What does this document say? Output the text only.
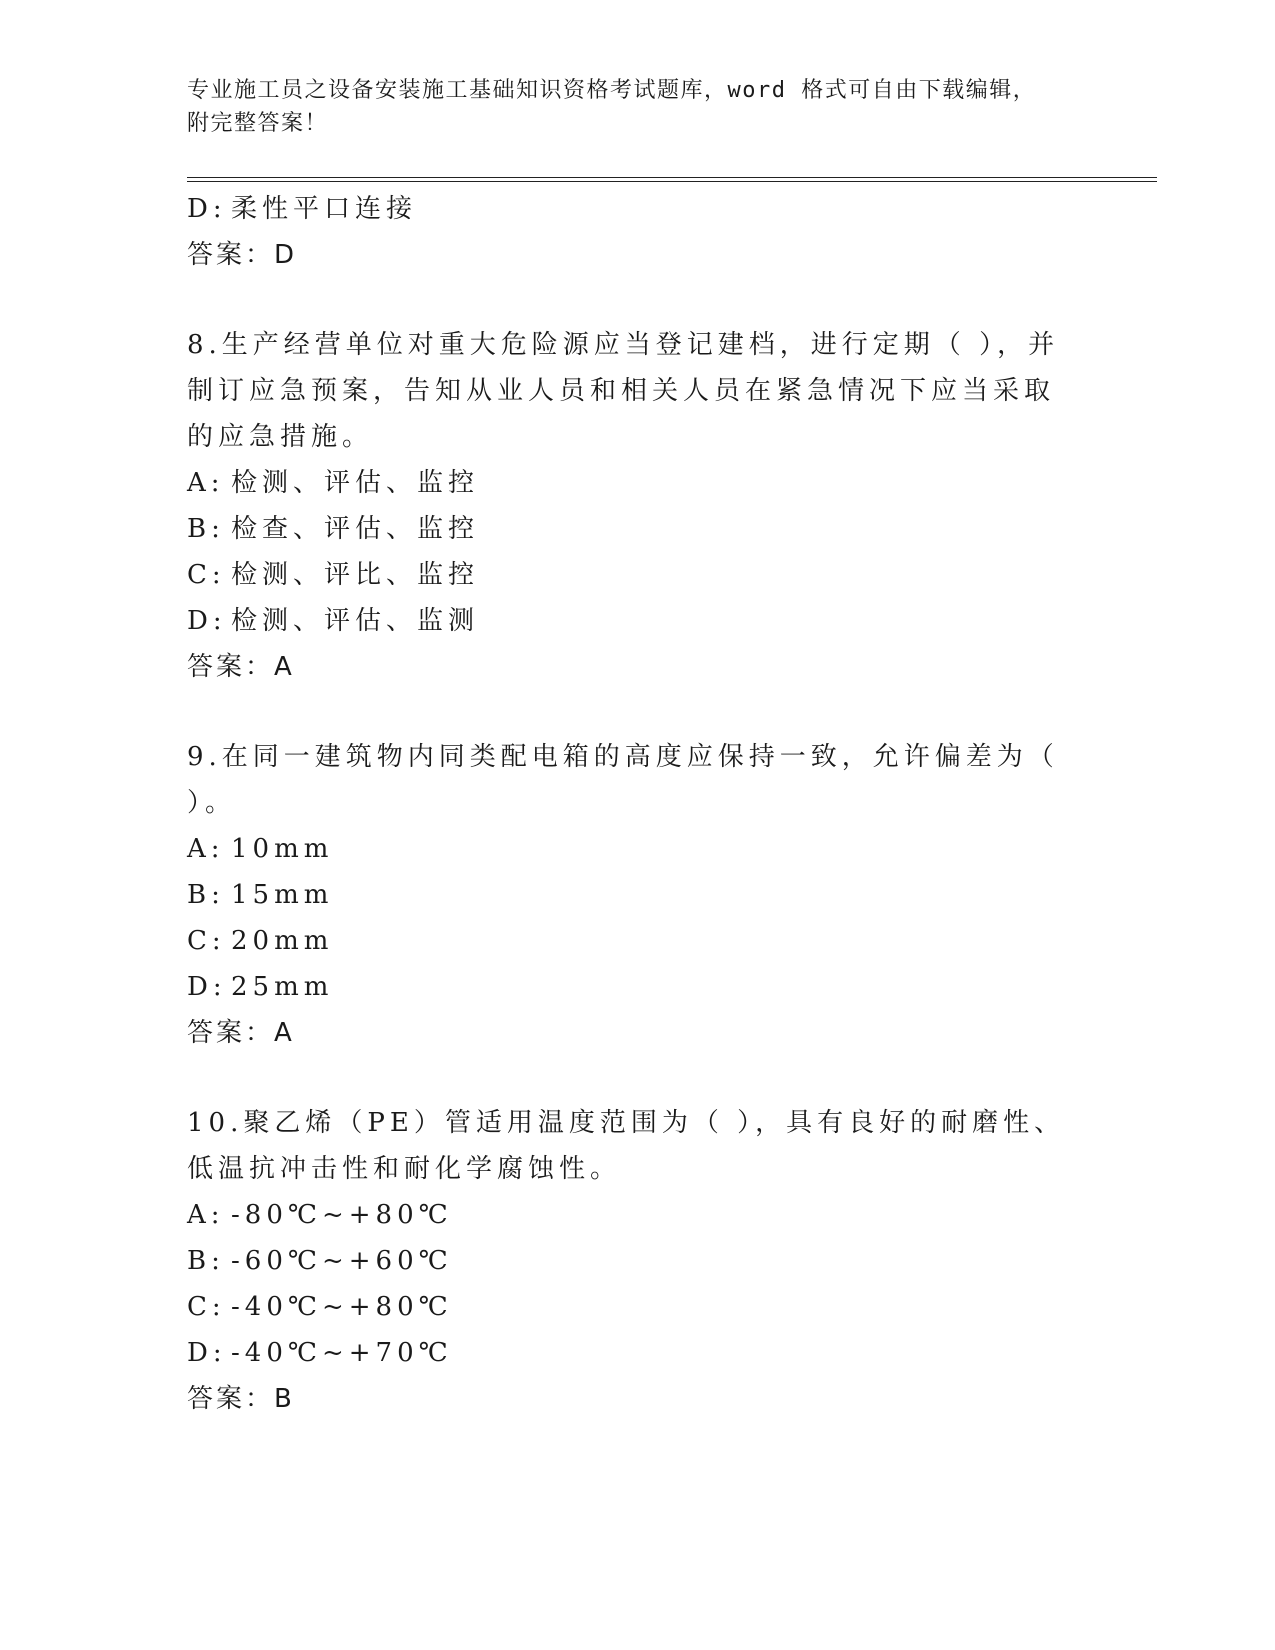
专业施工员之设备安装施工基础知识资格考试题库，word 格式可自由下载编辑，附完整答案！
D: 柔性平口连接
答案：D
8.生产经营单位对重大危险源应当登记建档，进行定期（ ），并制订应急预案，告知从业人员和相关人员在紧急情况下应当采取的应急措施。
A: 检测、评估、监控
B: 检查、评估、监控
C: 检测、评比、监控
D: 检测、评估、监测
答案：A
9.在同一建筑物内同类配电箱的高度应保持一致，允许偏差为（ ）。
A: 10mm
B: 15mm
C: 20mm
D: 25mm
答案：A
10.聚乙烯（PE）管适用温度范围为（ ），具有良好的耐磨性、低温抗冲击性和耐化学腐蚀性。
A: -80℃~+80℃
B: -60℃~+60℃
C: -40℃~+80℃
D: -40℃~+70℃
答案：B
